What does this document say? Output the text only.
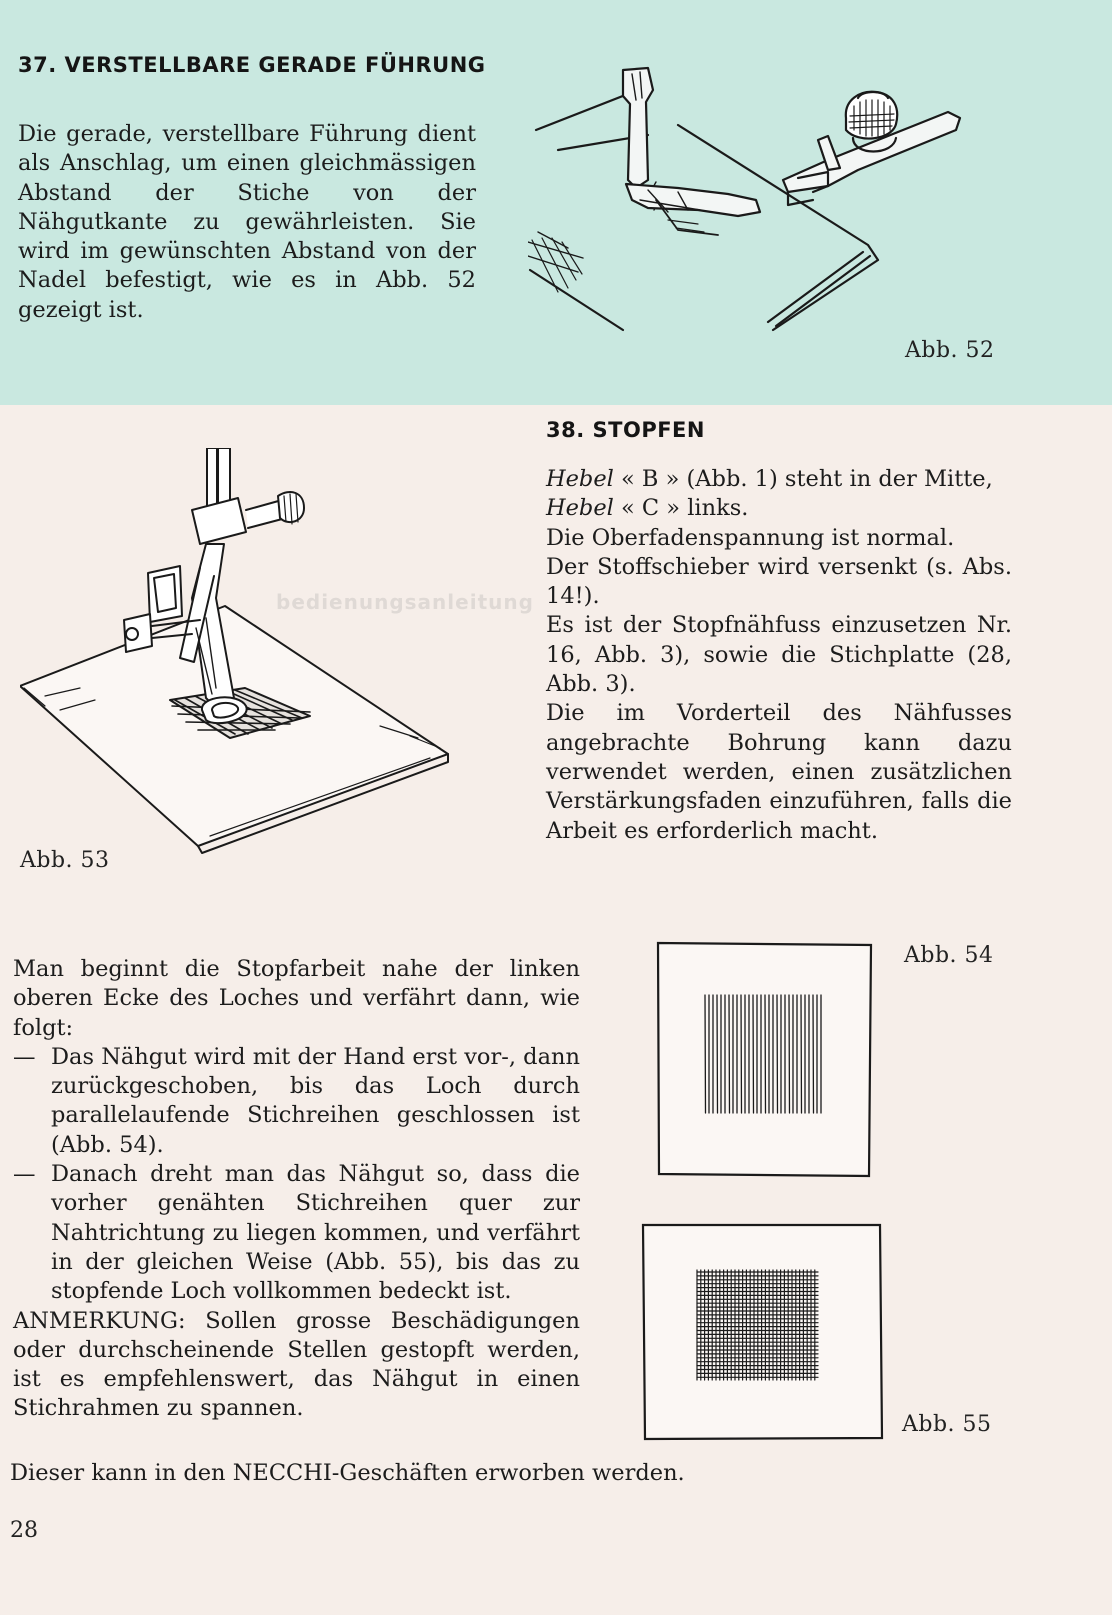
37. VERSTELLBARE GERADE FÜHRUNG
Die gerade, verstellbare Führung dient als Anschlag, um einen gleichmässigen Abstand der Stiche von der Nähgutkante zu gewährleisten. Sie wird im gewünschten Abstand von der Nadel befestigt, wie es in Abb. 52 gezeigt ist.
Abb. 52
Abb. 53
bedienungsanleitung
38. STOPFEN

Hebel « B » (Abb. 1) steht in der Mitte,

Hebel « C » links.

Die Oberfadenspannung ist normal.

Der Stoffschieber wird versenkt (s. Abs. 14!).

Es ist der Stopfnähfuss einzusetzen Nr. 16, Abb. 3), sowie die Stichplatte (28, Abb. 3).

Die im Vorderteil des Nähfusses angebrachte Bohrung kann dazu verwendet werden, einen zusätzlichen Verstärkungsfaden einzuführen, falls die Arbeit es erforderlich macht.

Man beginnt die Stopfarbeit nahe der linken oberen Ecke des Loches und verfährt dann, wie folgt:

— Das Nähgut wird mit der Hand erst vor-, dann zurückgeschoben, bis das Loch durch parallelaufende Stichreihen geschlossen ist (Abb. 54).
— Danach dreht man das Nähgut so, dass die vorher genähten Stichreihen quer zur Nahtrichtung zu liegen kommen, und verfährt in der gleichen Weise (Abb. 55), bis das zu stopfende Loch vollkommen bedeckt ist.

ANMERKUNG: Sollen grosse Beschädigungen oder durchscheinende Stellen gestopft werden, ist es empfehlenswert, das Nähgut in einen Stichrahmen zu spannen.

Dieser kann in den NECCHI-Geschäften erworben werden.
Abb. 54
Abb. 55
28
